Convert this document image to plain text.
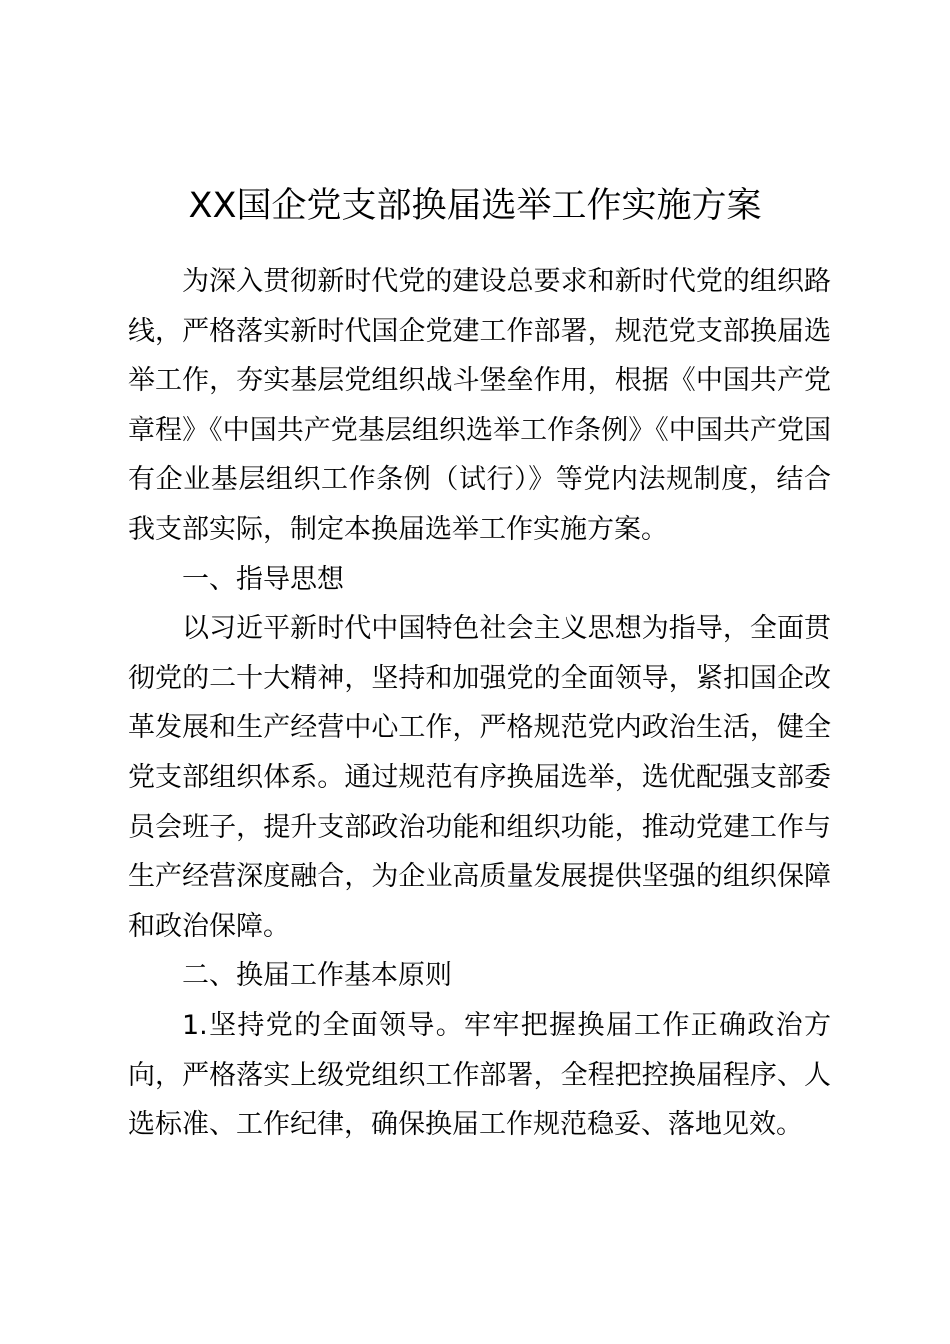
XX国企党支部换届选举工作实施方案

为深入贯彻新时代党的建设总要求和新时代党的组织路线，严格落实新时代国企党建工作部署，规范党支部换届选举工作，夯实基层党组织战斗堡垒作用，根据《中国共产党章程》《中国共产党基层组织选举工作条例》《中国共产党国有企业基层组织工作条例（试行）》等党内法规制度，结合我支部实际，制定本换届选举工作实施方案。

一、指导思想

以习近平新时代中国特色社会主义思想为指导，全面贯彻党的二十大精神，坚持和加强党的全面领导，紧扣国企改革发展和生产经营中心工作，严格规范党内政治生活，健全党支部组织体系。通过规范有序换届选举，选优配强支部委员会班子，提升支部政治功能和组织功能，推动党建工作与生产经营深度融合，为企业高质量发展提供坚强的组织保障和政治保障。

二、换届工作基本原则

1.坚持党的全面领导。牢牢把握换届工作正确政治方向，严格落实上级党组织工作部署，全程把控换届程序、人选标准、工作纪律，确保换届工作规范稳妥、落地见效。
